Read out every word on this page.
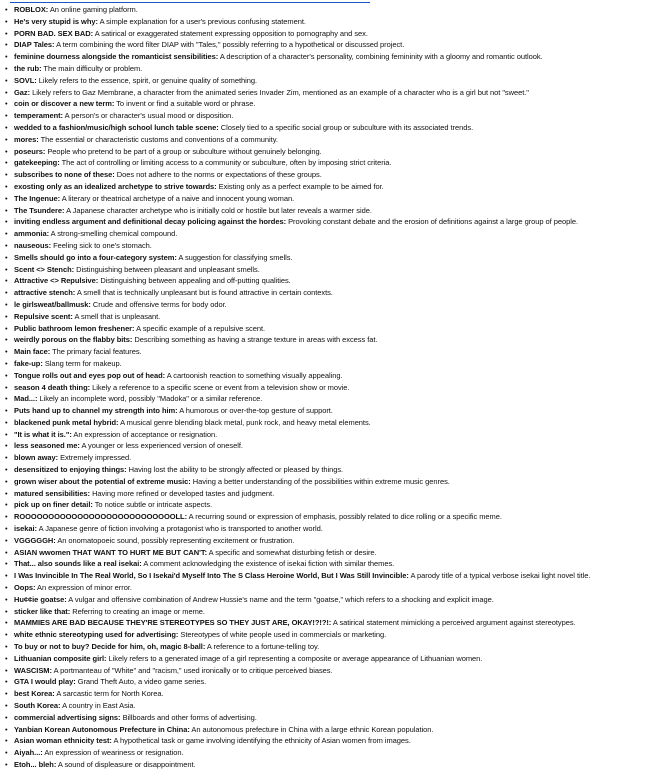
• ROBLOX: An online gaming platform.
• He's very stupid is why: A simple explanation for a user's previous confusing statement.
• PORN BAD. SEX BAD: A satirical or exaggerated statement expressing opposition to pornography and sex.
• DIAP Tales: A term combining the word filter DIAP with "Tales," possibly referring to a hypothetical or discussed project.
• feminine dourness alongside the romanticist sensibilities: A description of a character's personality, combining femininity with a gloomy and romantic outlook.
• the rub: The main difficulty or problem.
• SOVL: Likely refers to the essence, spirit, or genuine quality of something.
• Gaz: Likely refers to Gaz Membrane, a character from the animated series Invader Zim, mentioned as an example of a character who is a girl but not "sweet."
• coin or discover a new term: To invent or find a suitable word or phrase.
• temperament: A person's or character's usual mood or disposition.
• wedded to a fashion/music/high school lunch table scene: Closely tied to a specific social group or subculture with its associated trends.
• mores: The essential or characteristic customs and conventions of a community.
• poseurs: People who pretend to be part of a group or subculture without genuinely belonging.
• gatekeeping: The act of controlling or limiting access to a community or subculture, often by imposing strict criteria.
• subscribes to none of these: Does not adhere to the norms or expectations of these groups.
• exosting only as an idealized archetype to strive towards: Existing only as a perfect example to be aimed for.
• The Ingenue: A literary or theatrical archetype of a naive and innocent young woman.
• The Tsundere: A Japanese character archetype who is initially cold or hostile but later reveals a warmer side.
• inviting endless argument and definitional decay policing against the hordes: Provoking constant debate and the erosion of definitions against a large group of people.
• ammonia: A strong-smelling chemical compound.
• nauseous: Feeling sick to one's stomach.
• Smells should go into a four-category system: A suggestion for classifying smells.
• Scent <> Stench: Distinguishing between pleasant and unpleasant smells.
• Attractive <> Repulsive: Distinguishing between appealing and off-putting qualities.
• attractive stench: A smell that is technically unpleasant but is found attractive in certain contexts.
• le girlsweat/ballmusk: Crude and offensive terms for body odor.
• Repulsive scent: A smell that is unpleasant.
• Public bathroom lemon freshener: A specific example of a repulsive scent.
• weirdly porous on the flabby bits: Describing something as having a strange texture in areas with excess fat.
• Main face: The primary facial features.
• fake-up: Slang term for makeup.
• Tongue rolls out and eyes pop out of head: A cartoonish reaction to something visually appealing.
• season 4 death thing: Likely a reference to a specific scene or event from a television show or movie.
• Mad...: Likely an incomplete word, possibly "Madoka" or a similar reference.
• Puts hand up to channel my strength into him: A humorous or over-the-top gesture of support.
• blackened punk metal hybrid: A musical genre blending black metal, punk rock, and heavy metal elements.
• "It is what it is.": An expression of acceptance or resignation.
• less seasoned me: A younger or less experienced version of oneself.
• blown away: Extremely impressed.
• desensitized to enjoying things: Having lost the ability to be strongly affected or pleased by things.
• grown wiser about the potential of extreme music: Having a better understanding of the possibilities within extreme music genres.
• matured sensibilities: Having more refined or developed tastes and judgment.
• pick up on finer detail: To notice subtle or intricate aspects.
• ROOOOOOOOOOOOOOOOOOOOOOOOOOOLL: A recurring sound or expression of emphasis, possibly related to dice rolling or a specific meme.
• isekai: A Japanese genre of fiction involving a protagonist who is transported to another world.
• VGGGGGH: An onomatopoeic sound, possibly representing excitement or frustration.
• ASIAN wwomen THAT WANT TO HURT ME BUT CAN'T: A specific and somewhat disturbing fetish or desire.
• That... also sounds like a real isekai: A comment acknowledging the existence of isekai fiction with similar themes.
• I Was Invincible In The Real World, So I Isekai'd Myself Into The S Class Heroine World, But I Was Still Invincible: A parody title of a typical verbose isekai light novel title.
• Oops: An expression of minor error.
• Hu¢¢ie goatse: A vulgar and offensive combination of Andrew Hussie's name and the term "goatse," which refers to a shocking and explicit image.
• sticker like that: Referring to creating an image or meme.
• MAMMIES ARE BAD BECAUSE THEY'RE STEREOTYPES SO THEY JUST ARE, OKAY!?!?!: A satirical statement mimicking a perceived argument against stereotypes.
• white ethnic stereotyping used for advertising: Stereotypes of white people used in commercials or marketing.
• To buy or not to buy? Decide for him, oh, magic 8-ball: A reference to a fortune-telling toy.
• Lithuanian composite girl: Likely refers to a generated image of a girl representing a composite or average appearance of Lithuanian women.
• WASCISM: A portmanteau of "White" and "racism," used ironically or to critique perceived biases.
• GTA I would play: Grand Theft Auto, a video game series.
• best Korea: A sarcastic term for North Korea.
• South Korea: A country in East Asia.
• commercial advertising signs: Billboards and other forms of advertising.
• Yanbian Korean Autonomous Prefecture in China: An autonomous prefecture in China with a large ethnic Korean population.
• Asian woman ethnicity test: A hypothetical task or game involving identifying the ethnicity of Asian women from images.
• Aiyah...: An expression of weariness or resignation.
• Etoh... bleh: A sound of displeasure or disappointment.
